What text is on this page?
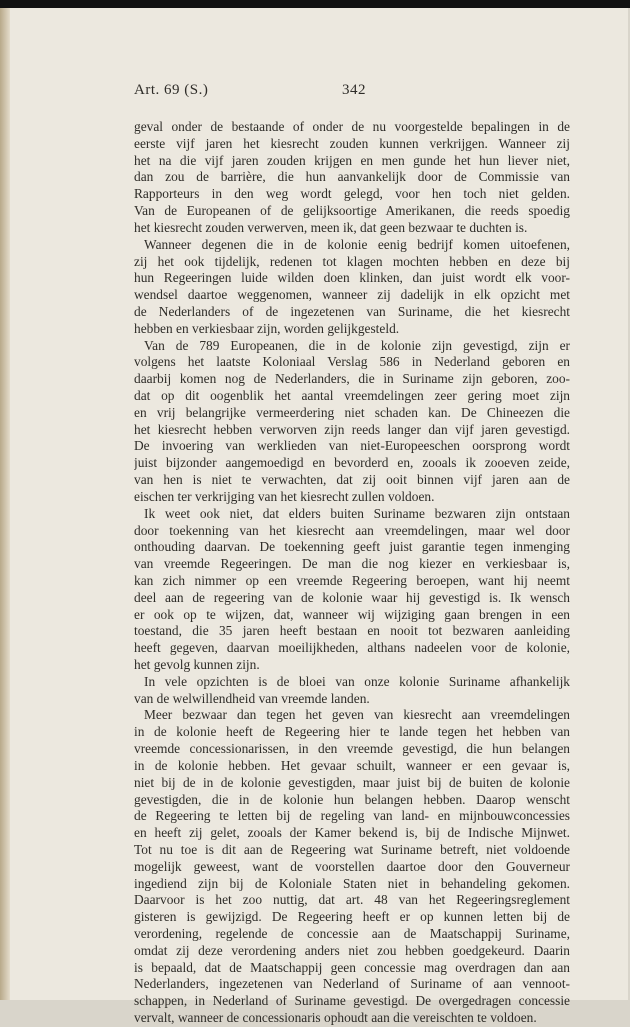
Art. 69 (S.)	342
geval onder de bestaande of onder de nu voorgestelde bepalingen in de
eerste vijf jaren het kiesrecht zouden kunnen verkrijgen. Wanneer zij
het na die vijf jaren zouden krijgen en men gunde het hun liever niet,
dan zou de barrière, die hun aanvankelijk door de Commissie van
Rapporteurs in den weg wordt gelegd, voor hen toch niet gelden.
Van de Europeanen of de gelijksoortige Amerikanen, die reeds spoedig
het kiesrecht zouden verwerven, meen ik, dat geen bezwaar te duchten is.
Wanneer degenen die in de kolonie eenig bedrijf komen uitoefenen,
zij het ook tijdelijk, redenen tot klagen mochten hebben en deze bij
hun Regeeringen luide wilden doen klinken, dan juist wordt elk voor-
wendsel daartoe weggenomen, wanneer zij dadelijk in elk opzicht met
de Nederlanders of de ingezetenen van Suriname, die het kiesrecht
hebben en verkiesbaar zijn, worden gelijkgesteld.
Van de 789 Europeanen, die in de kolonie zijn gevestigd, zijn er
volgens het laatste Koloniaal Verslag 586 in Nederland geboren en
daarbij komen nog de Nederlanders, die in Suriname zijn geboren, zoo-
dat op dit oogenblik het aantal vreemdelingen zeer gering moet zijn
en vrij belangrijke vermeerdering niet schaden kan. De Chineezen die
het kiesrecht hebben verworven zijn reeds langer dan vijf jaren gevestigd.
De invoering van werklieden van niet-Europeeschen oorsprong wordt
juist bijzonder aangemoedigd en bevorderd en, zooals ik zooeven zeide,
van hen is niet te verwachten, dat zij ooit binnen vijf jaren aan de
eischen ter verkrijging van het kiesrecht zullen voldoen.
Ik weet ook niet, dat elders buiten Suriname bezwaren zijn ontstaan
door toekenning van het kiesrecht aan vreemdelingen, maar wel door
onthouding daarvan. De toekenning geeft juist garantie tegen inmenging
van vreemde Regeeringen. De man die nog kiezer en verkiesbaar is,
kan zich nimmer op een vreemde Regeering beroepen, want hij neemt
deel aan de regeering van de kolonie waar hij gevestigd is. Ik wensch
er ook op te wijzen, dat, wanneer wij wijziging gaan brengen in een
toestand, die 35 jaren heeft bestaan en nooit tot bezwaren aanleiding
heeft gegeven, daarvan moeilijkheden, althans nadeelen voor de kolonie,
het gevolg kunnen zijn.
In vele opzichten is de bloei van onze kolonie Suriname afhankelijk
van de welwillendheid van vreemde landen.
Meer bezwaar dan tegen het geven van kiesrecht aan vreemdelingen
in de kolonie heeft de Regeering hier te lande tegen het hebben van
vreemde concessionarissen, in den vreemde gevestigd, die hun belangen
in de kolonie hebben. Het gevaar schuilt, wanneer er een gevaar is,
niet bij de in de kolonie gevestigden, maar juist bij de buiten de kolonie
gevestigden, die in de kolonie hun belangen hebben. Daarop wenscht
de Regeering te letten bij de regeling van land- en mijnbouwconcessies
en heeft zij gelet, zooals der Kamer bekend is, bij de Indische Mijnwet.
Tot nu toe is dit aan de Regeering wat Suriname betreft, niet voldoende
mogelijk geweest, want de voorstellen daartoe door den Gouverneur
ingediend zijn bij de Koloniale Staten niet in behandeling gekomen.
Daarvoor is het zoo nuttig, dat art. 48 van het Regeeringsreglement
gisteren is gewijzigd. De Regeering heeft er op kunnen letten bij de
verordening, regelende de concessie aan de Maatschappij Suriname,
omdat zij deze verordening anders niet zou hebben goedgekeurd. Daarin
is bepaald, dat de Maatschappij geen concessie mag overdragen dan aan
Nederlanders, ingezetenen van Nederland of Suriname of aan vennoot-
schappen, in Nederland of Suriname gevestigd. De overgedragen concessie
vervalt, wanneer de concessionaris ophoudt aan die vereischten te voldoen.
